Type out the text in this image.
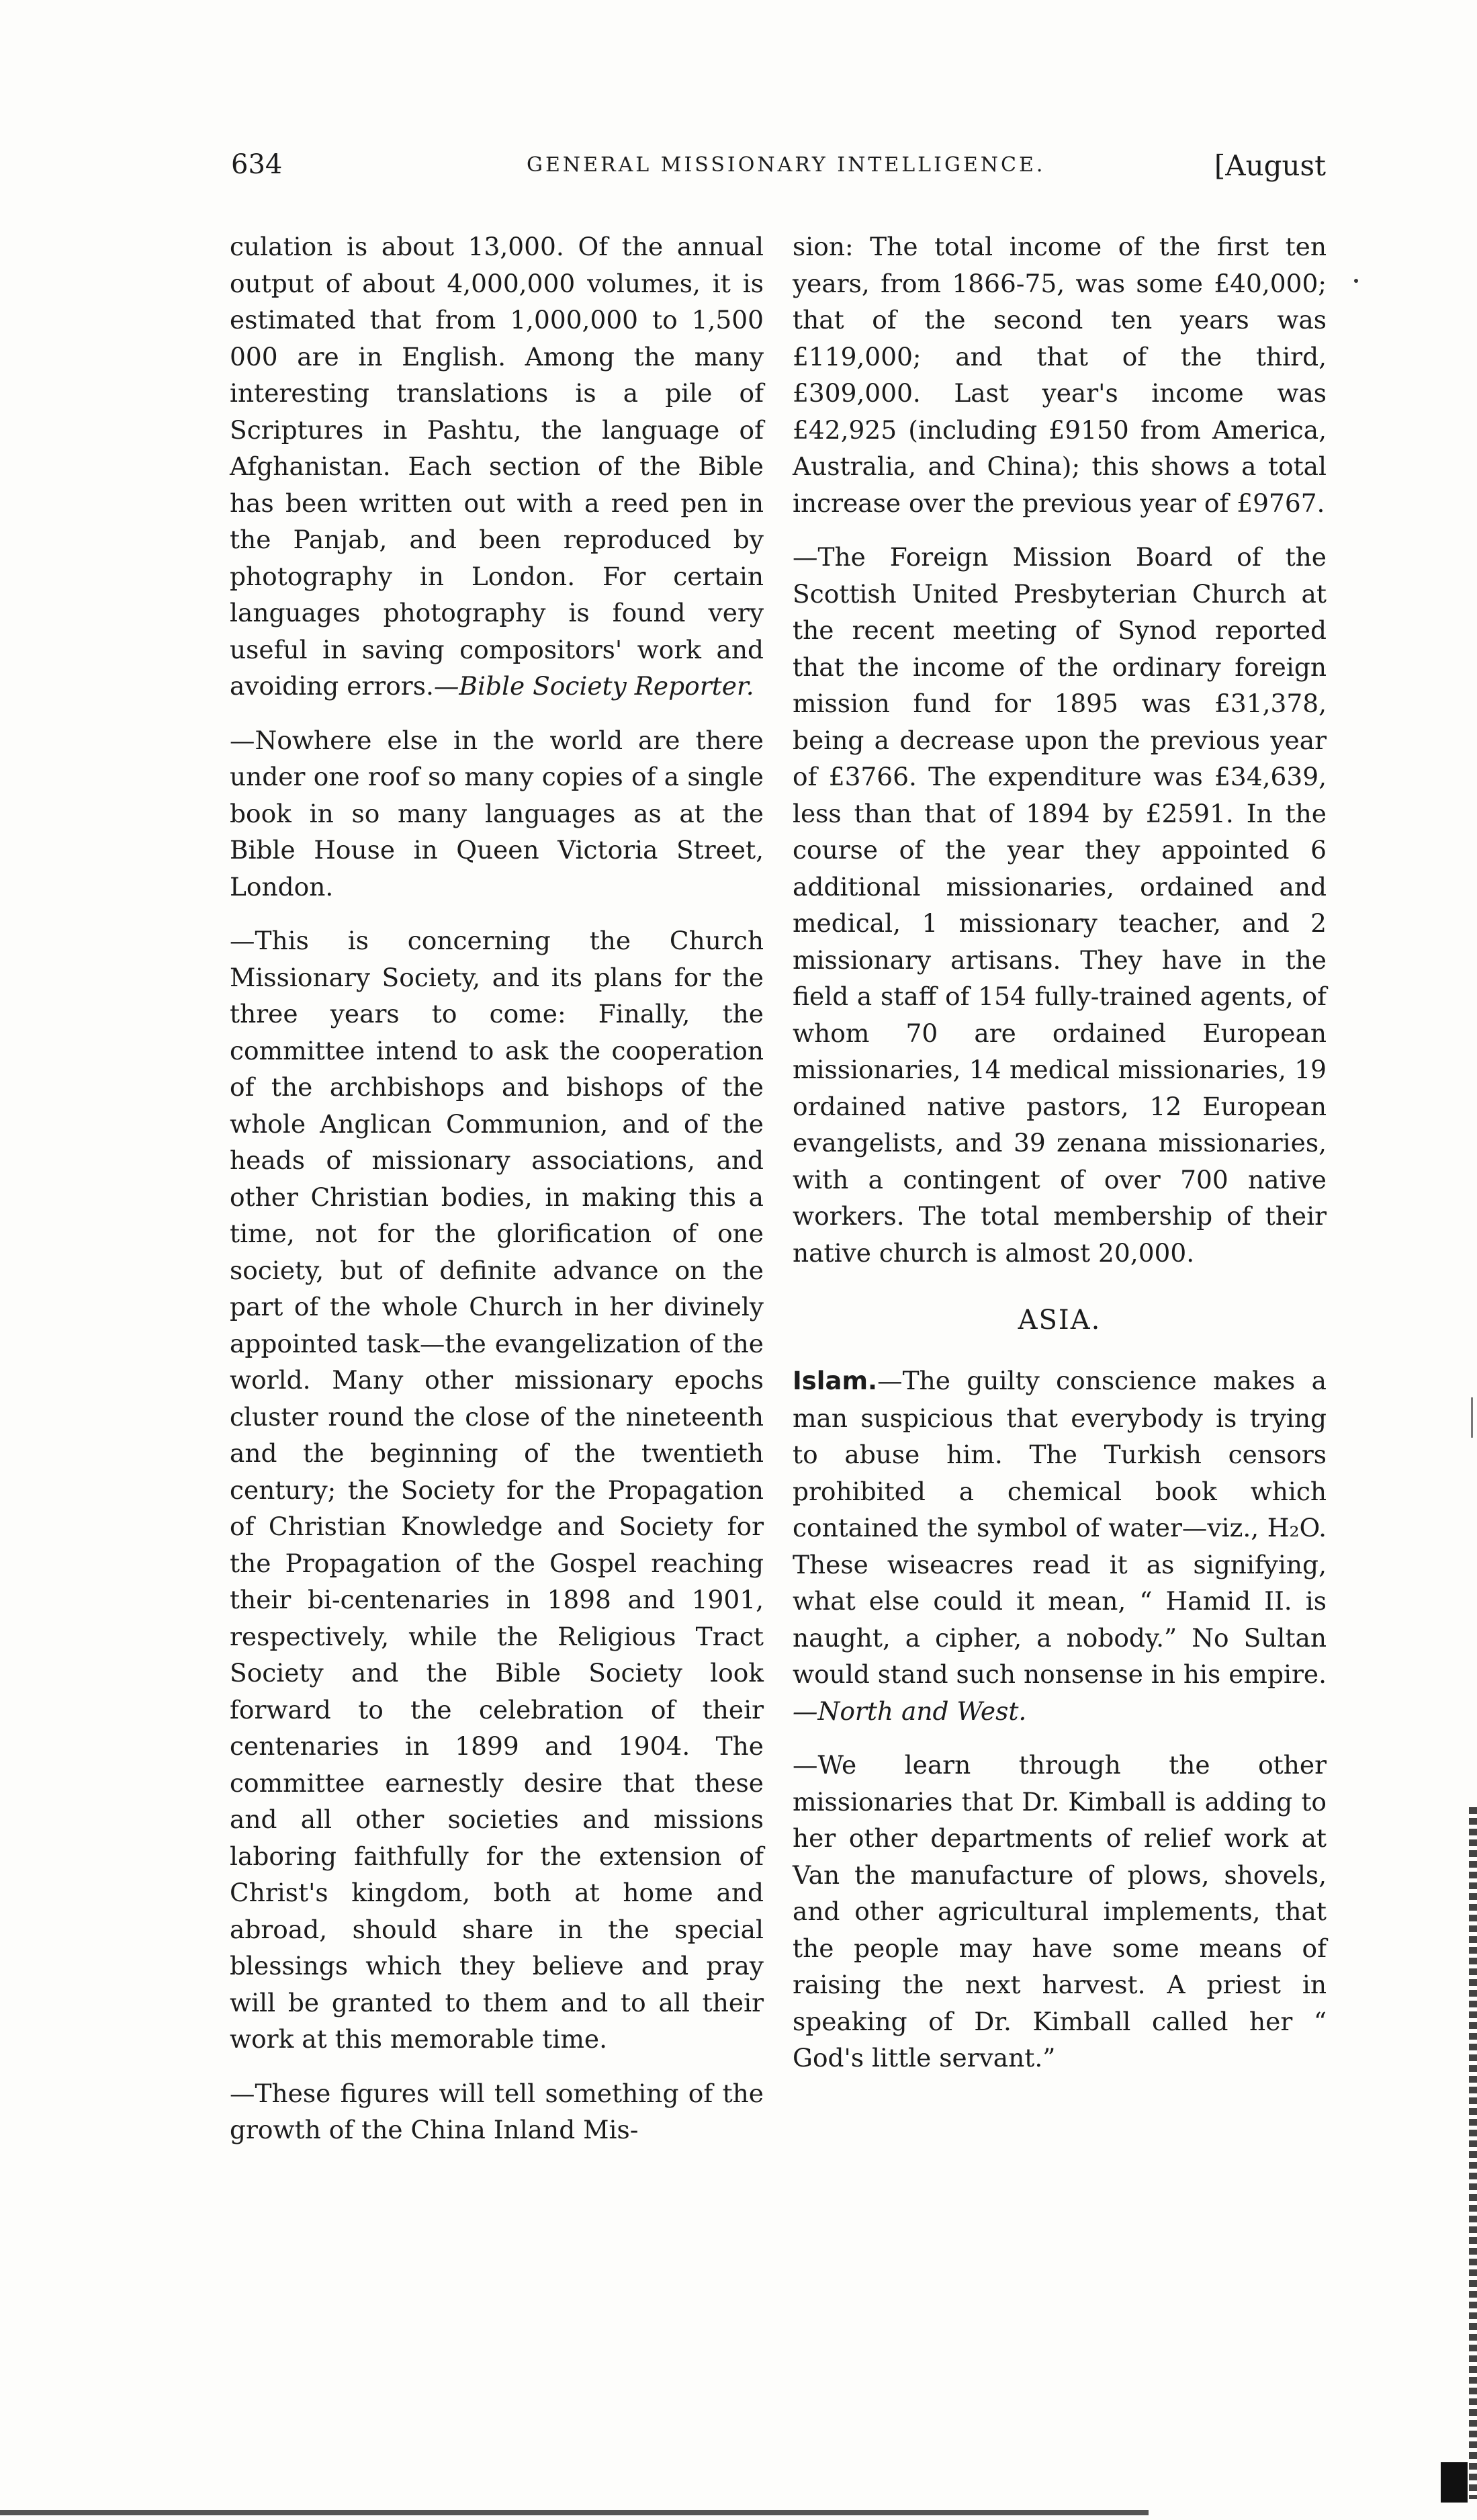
634	GENERAL MISSIONARY INTELLIGENCE.	[August

culation is about 13,000. Of the annual output of about 4,000,000 volumes, it is estimated that from 1,000,000 to 1,500 000 are in English. Among the many interesting translations is a pile of Scriptures in Pashtu, the language of Afghanistan. Each section of the Bible has been written out with a reed pen in the Panjab, and been reproduced by photography in London. For certain languages photography is found very useful in saving compositors' work and avoiding errors.—Bible Society Reporter.

—Nowhere else in the world are there under one roof so many copies of a single book in so many languages as at the Bible House in Queen Victoria Street, London.

—This is concerning the Church Missionary Society, and its plans for the three years to come: Finally, the committee intend to ask the cooperation of the archbishops and bishops of the whole Anglican Communion, and of the heads of missionary associations, and other Christian bodies, in making this a time, not for the glorification of one society, but of definite advance on the part of the whole Church in her divinely appointed task—the evangelization of the world. Many other missionary epochs cluster round the close of the nineteenth and the beginning of the twentieth century; the Society for the Propagation of Christian Knowledge and Society for the Propagation of the Gospel reaching their bi-centenaries in 1898 and 1901, respectively, while the Religious Tract Society and the Bible Society look forward to the celebration of their centenaries in 1899 and 1904. The committee earnestly desire that these and all other societies and missions laboring faithfully for the extension of Christ's kingdom, both at home and abroad, should share in the special blessings which they believe and pray will be granted to them and to all their work at this memorable time.

—These figures will tell something of the growth of the China Inland Mis-

sion: The total income of the first ten years, from 1866-75, was some £40,000; that of the second ten years was £119,000; and that of the third, £309,000. Last year's income was £42,925 (including £9150 from America, Australia, and China); this shows a total increase over the previous year of £9767.

—The Foreign Mission Board of the Scottish United Presbyterian Church at the recent meeting of Synod reported that the income of the ordinary foreign mission fund for 1895 was £31,378, being a decrease upon the previous year of £3766. The expenditure was £34,639, less than that of 1894 by £2591. In the course of the year they appointed 6 additional missionaries, ordained and medical, 1 missionary teacher, and 2 missionary artisans. They have in the field a staff of 154 fully-trained agents, of whom 70 are ordained European missionaries, 14 medical missionaries, 19 ordained native pastors, 12 European evangelists, and 39 zenana missionaries, with a contingent of over 700 native workers. The total membership of their native church is almost 20,000.

ASIA.

Islam.—The guilty conscience makes a man suspicious that everybody is trying to abuse him. The Turkish censors prohibited a chemical book which contained the symbol of water—viz., H₂O. These wiseacres read it as signifying, what else could it mean, “ Hamid II. is naught, a cipher, a nobody.” No Sultan would stand such nonsense in his empire.—North and West.

—We learn through the other missionaries that Dr. Kimball is adding to her other departments of relief work at Van the manufacture of plows, shovels, and other agricultural implements, that the people may have some means of raising the next harvest. A priest in speaking of Dr. Kimball called her “ God's little servant.”
